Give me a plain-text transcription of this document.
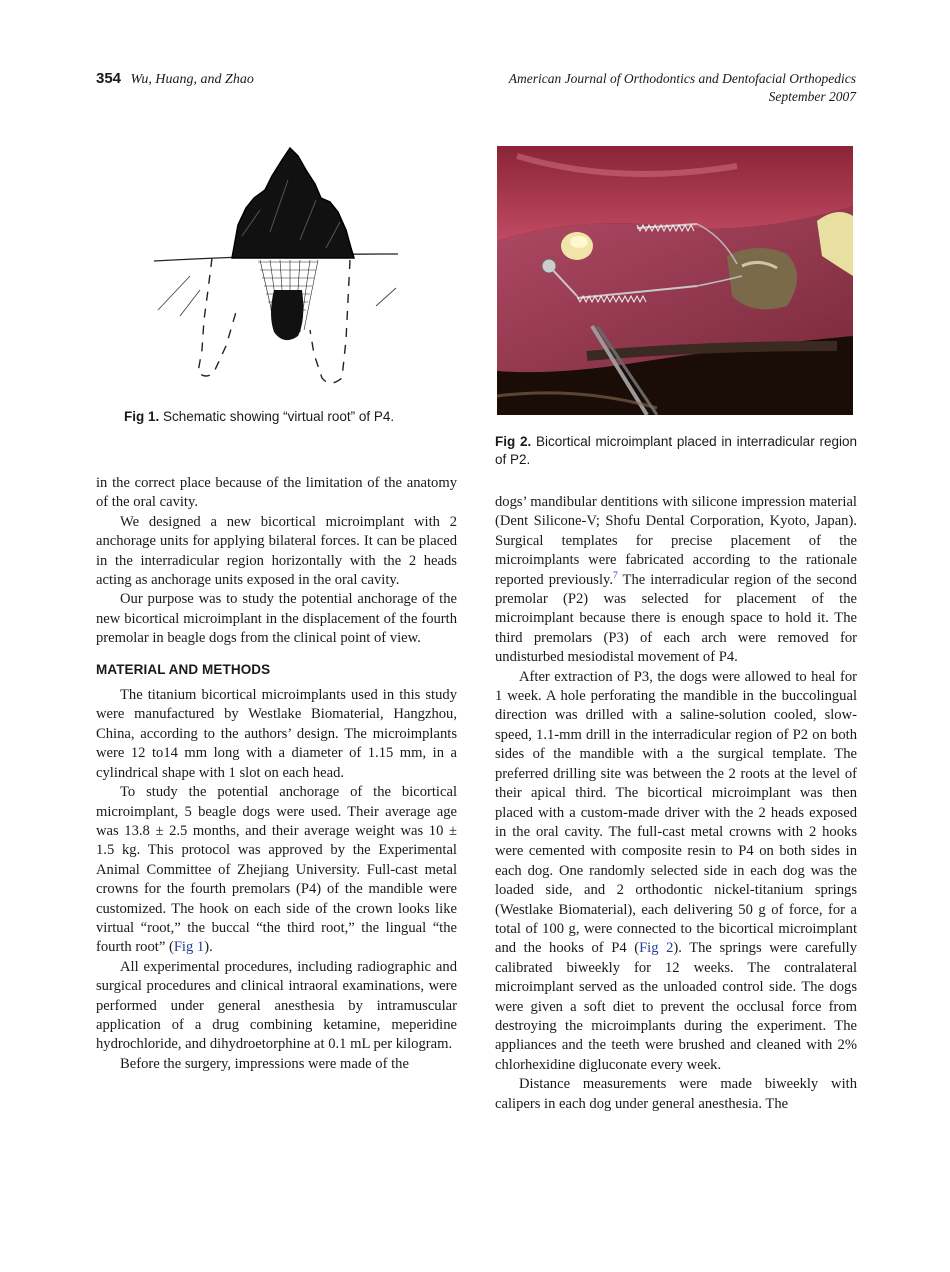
354 Wu, Huang, and Zhao	American Journal of Orthodontics and Dentofacial Orthopedics
September 2007
Fig 1. Schematic showing “virtual root” of P4.
Fig 2. Bicortical microimplant placed in interradicular region of P2.

in the correct place because of the limitation of the anatomy of the oral cavity.

We designed a new bicortical microimplant with 2 anchorage units for applying bilateral forces. It can be placed in the interradicular region horizontally with the 2 heads acting as anchorage units exposed in the oral cavity.

Our purpose was to study the potential anchorage of the new bicortical microimplant in the displacement of the fourth premolar in beagle dogs from the clinical point of view.

MATERIAL AND METHODS

The titanium bicortical microimplants used in this study were manufactured by Westlake Biomaterial, Hangzhou, China, according to the authors’ design. The microimplants were 12 to14 mm long with a diameter of 1.15 mm, in a cylindrical shape with 1 slot on each head.

To study the potential anchorage of the bicortical microimplant, 5 beagle dogs were used. Their average age was 13.8 ± 2.5 months, and their average weight was 10 ± 1.5 kg. This protocol was approved by the Experimental Animal Committee of Zhejiang University. Full-cast metal crowns for the fourth premolars (P4) of the mandible were customized. The hook on each side of the crown looks like virtual “root,” the buccal “the third root,” the lingual “the fourth root” (Fig 1).

All experimental procedures, including radiographic and surgical procedures and clinical intraoral examinations, were performed under general anesthesia by intramuscular application of a drug combining ketamine, meperidine hydrochloride, and dihydroetorphine at 0.1 mL per kilogram.

Before the surgery, impressions were made of the

dogs’ mandibular dentitions with silicone impression material (Dent Silicone-V; Shofu Dental Corporation, Kyoto, Japan). Surgical templates for precise placement of the microimplants were fabricated according to the rationale reported previously.$^7$ The interradicular region of the second premolar (P2) was selected for placement of the microimplant because there is enough space to hold it. The third premolars (P3) of each arch were removed for undisturbed mesiodistal movement of P4.

After extraction of P3, the dogs were allowed to heal for 1 week. A hole perforating the mandible in the buccolingual direction was drilled with a saline-solution cooled, slow-speed, 1.1-mm drill in the interradicular region of P2 on both sides of the mandible with a the surgical template. The preferred drilling site was between the 2 roots at the level of their apical third. The bicortical microimplant was then placed with a custom-made driver with the 2 heads exposed in the oral cavity. The full-cast metal crowns with 2 hooks were cemented with composite resin to P4 on both sides in each dog. One randomly selected side in each dog was the loaded side, and 2 orthodontic nickel-titanium springs (Westlake Biomaterial), each delivering 50 g of force, for a total of 100 g, were connected to the bicortical microimplant and the hooks of P4 (Fig 2). The springs were carefully calibrated biweekly for 12 weeks. The contralateral microimplant served as the unloaded control side. The dogs were given a soft diet to prevent the occlusal force from destroying the microimplants during the experiment. The appliances and the teeth were brushed and cleaned with 2% chlorhexidine digluconate every week.

Distance measurements were made biweekly with calipers in each dog under general anesthesia. The
